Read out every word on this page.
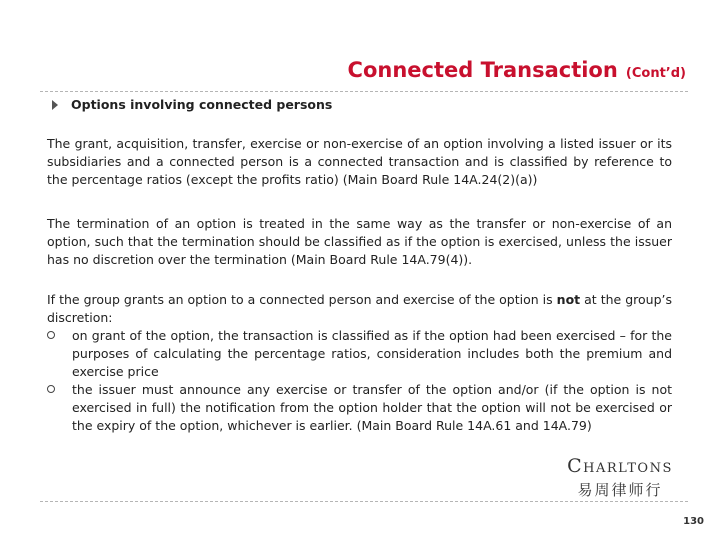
Connected Transaction (Cont’d)
Options involving connected persons
The grant, acquisition, transfer, exercise or non-exercise of an option involving a listed issuer or its subsidiaries and a connected person is a connected transaction and is classified by reference to the percentage ratios (except the profits ratio) (Main Board Rule 14A.24(2)(a))
The termination of an option is treated in the same way as the transfer or non-exercise of an option, such that the termination should be classified as if the option is exercised, unless the issuer has no discretion over the termination (Main Board Rule 14A.79(4)).
If the group grants an option to a connected person and exercise of the option is not at the group’s discretion:
on grant of the option, the transaction is classified as if the option had been exercised – for the purposes of calculating the percentage ratios, consideration includes both the premium and exercise price
the issuer must announce any exercise or transfer of the option and/or (if the option is not exercised in full) the notification from the option holder that the option will not be exercised or the expiry of the option, whichever is earlier. (Main Board Rule 14A.61 and 14A.79)
Charltons
易周律师行
130
